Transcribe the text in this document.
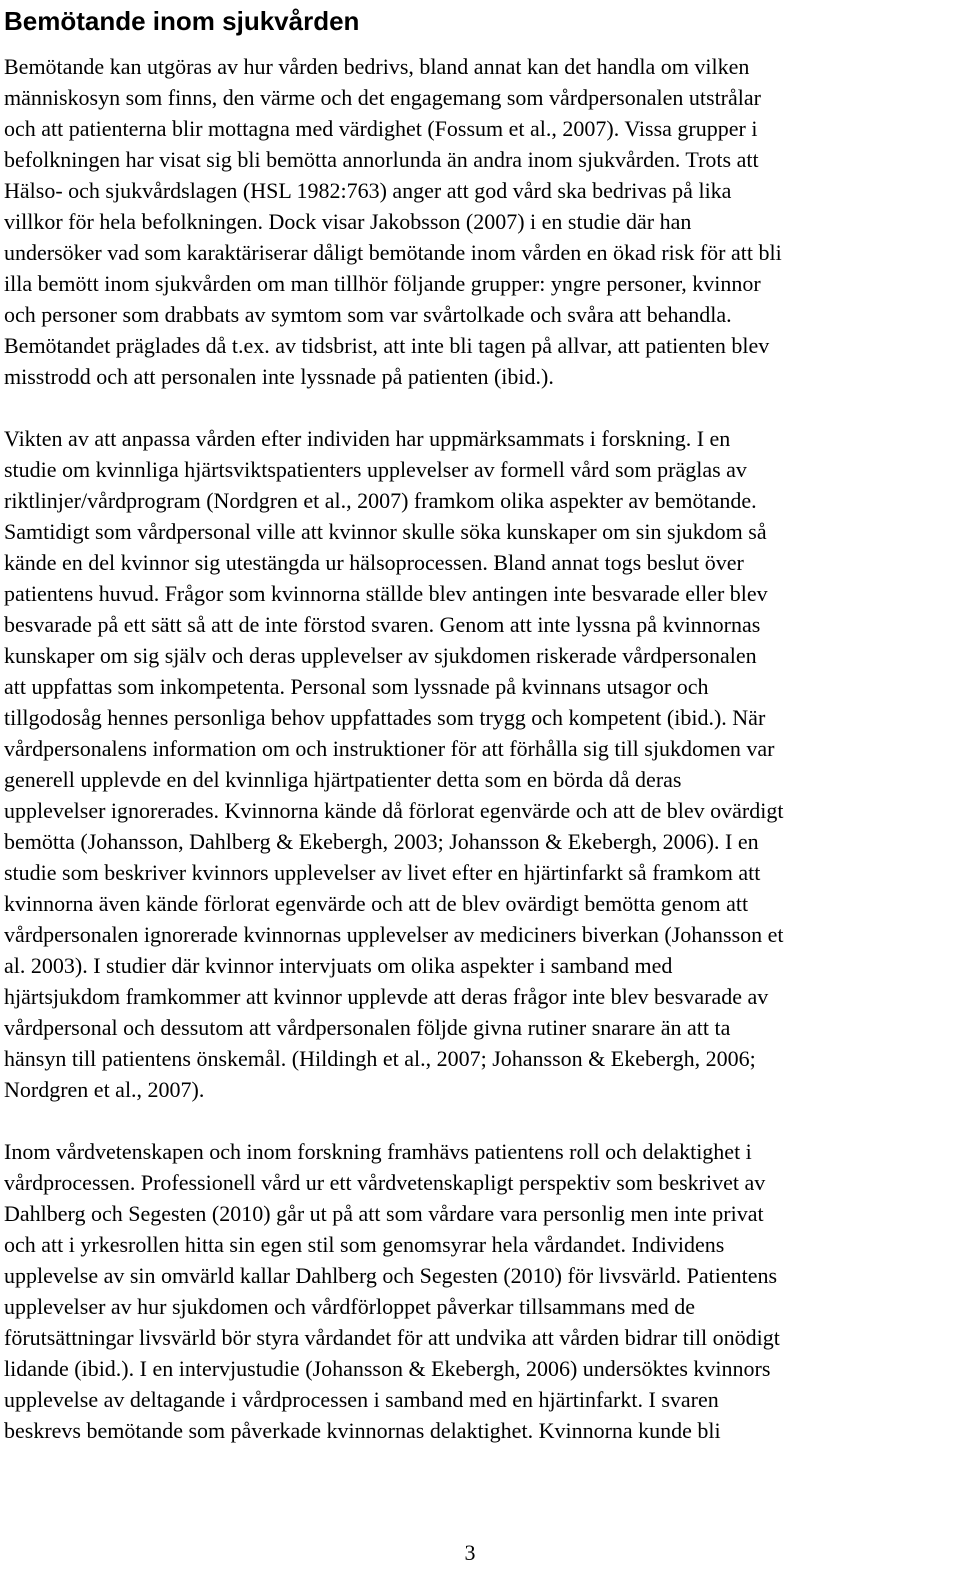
Bemötande inom sjukvården

Bemötande kan utgöras av hur vården bedrivs, bland annat kan det handla om vilken
människosyn som finns, den värme och det engagemang som vårdpersonalen utstrålar
och att patienterna blir mottagna med värdighet (Fossum et al., 2007). Vissa grupper i
befolkningen har visat sig bli bemötta annorlunda än andra inom sjukvården. Trots att
Hälso- och sjukvårdslagen (HSL 1982:763) anger att god vård ska bedrivas på lika
villkor för hela befolkningen. Dock visar Jakobsson (2007) i en studie där han
undersöker vad som karaktäriserar dåligt bemötande inom vården en ökad risk för att bli
illa bemött inom sjukvården om man tillhör följande grupper: yngre personer, kvinnor
och personer som drabbats av symtom som var svårtolkade och svåra att behandla.
Bemötandet präglades då t.ex. av tidsbrist, att inte bli tagen på allvar, att patienten blev
misstrodd och att personalen inte lyssnade på patienten (ibid.).

Vikten av att anpassa vården efter individen har uppmärksammats i forskning. I en
studie om kvinnliga hjärtsviktspatienters upplevelser av formell vård som präglas av
riktlinjer/vårdprogram (Nordgren et al., 2007) framkom olika aspekter av bemötande.
Samtidigt som vårdpersonal ville att kvinnor skulle söka kunskaper om sin sjukdom så
kände en del kvinnor sig utestängda ur hälsoprocessen. Bland annat togs beslut över
patientens huvud. Frågor som kvinnorna ställde blev antingen inte besvarade eller blev
besvarade på ett sätt så att de inte förstod svaren. Genom att inte lyssna på kvinnornas
kunskaper om sig själv och deras upplevelser av sjukdomen riskerade vårdpersonalen
att uppfattas som inkompetenta. Personal som lyssnade på kvinnans utsagor och
tillgodosåg hennes personliga behov uppfattades som trygg och kompetent (ibid.). När
vårdpersonalens information om och instruktioner för att förhålla sig till sjukdomen var
generell upplevde en del kvinnliga hjärtpatienter detta som en börda då deras
upplevelser ignorerades. Kvinnorna kände då förlorat egenvärde och att de blev ovärdigt
bemötta (Johansson, Dahlberg & Ekebergh, 2003; Johansson & Ekebergh, 2006). I en
studie som beskriver kvinnors upplevelser av livet efter en hjärtinfarkt så framkom att
kvinnorna även kände förlorat egenvärde och att de blev ovärdigt bemötta genom att
vårdpersonalen ignorerade kvinnornas upplevelser av mediciners biverkan (Johansson et
al. 2003). I studier där kvinnor intervjuats om olika aspekter i samband med
hjärtsjukdom framkommer att kvinnor upplevde att deras frågor inte blev besvarade av
vårdpersonal och dessutom att vårdpersonalen följde givna rutiner snarare än att ta
hänsyn till patientens önskemål. (Hildingh et al., 2007; Johansson & Ekebergh, 2006;
Nordgren et al., 2007).

Inom vårdvetenskapen och inom forskning framhävs patientens roll och delaktighet i
vårdprocessen. Professionell vård ur ett vårdvetenskapligt perspektiv som beskrivet av
Dahlberg och Segesten (2010) går ut på att som vårdare vara personlig men inte privat
och att i yrkesrollen hitta sin egen stil som genomsyrar hela vårdandet. Individens
upplevelse av sin omvärld kallar Dahlberg och Segesten (2010) för livsvärld. Patientens
upplevelser av hur sjukdomen och vårdförloppet påverkar tillsammans med de
förutsättningar livsvärld bör styra vårdandet för att undvika att vården bidrar till onödigt
lidande (ibid.). I en intervjustudie (Johansson & Ekebergh, 2006) undersöktes kvinnors
upplevelse av deltagande i vårdprocessen i samband med en hjärtinfarkt. I svaren
beskrevs bemötande som påverkade kvinnornas delaktighet. Kvinnorna kunde bli

3
